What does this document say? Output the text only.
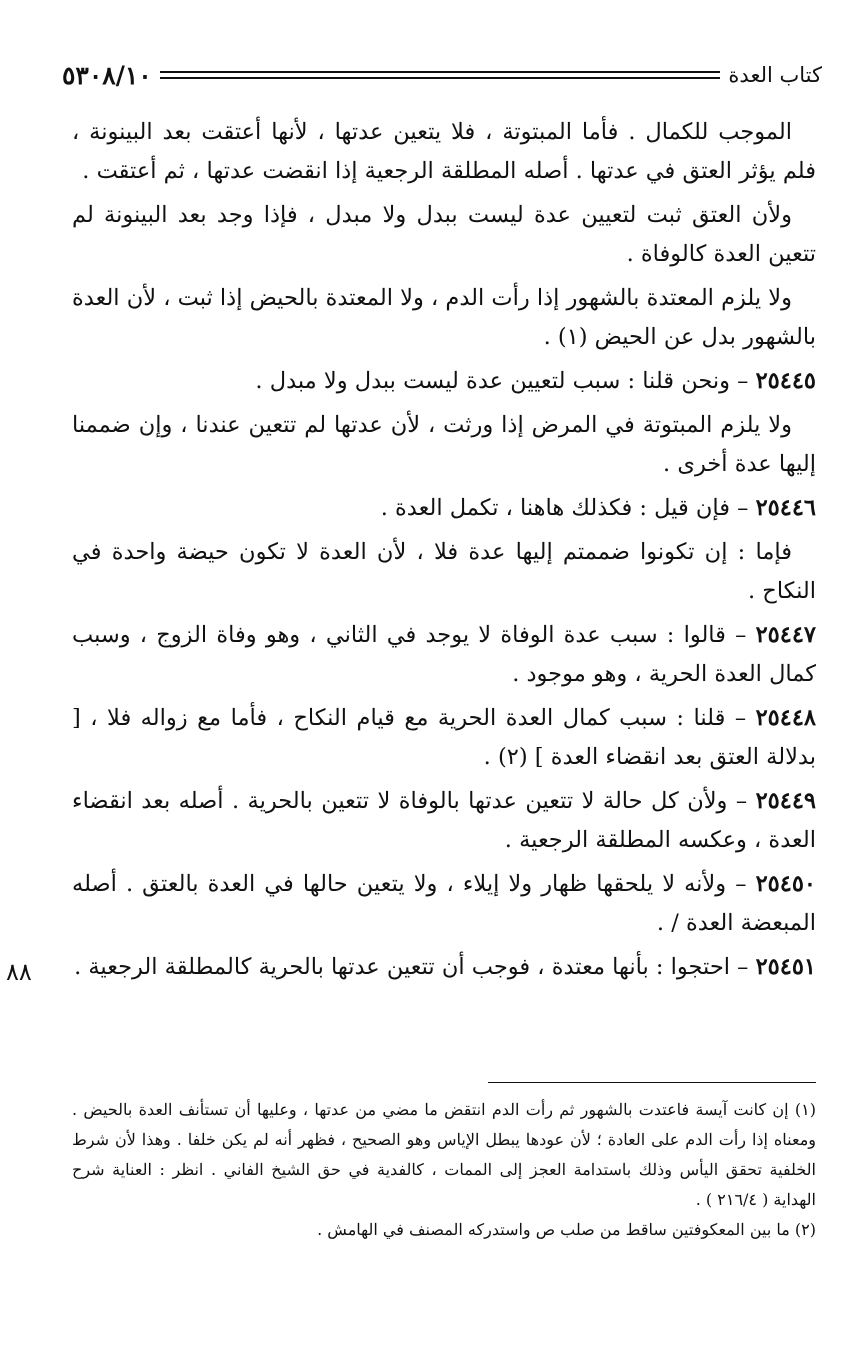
كتاب العدة
٥٣٠٨/١٠

الموجب للكمال . فأما المبتوتة ، فلا يتعين عدتها ، لأنها أعتقت بعد البينونة ، فلم يؤثر العتق في عدتها . أصله المطلقة الرجعية إذا انقضت عدتها ، ثم أعتقت .

ولأن العتق ثبت لتعيين عدة ليست ببدل ولا مبدل ، فإذا وجد بعد البينونة لم تتعين العدة كالوفاة .

ولا يلزم المعتدة بالشهور إذا رأت الدم ، ولا المعتدة بالحيض إذا ثبت ، لأن العدة بالشهور بدل عن الحيض (١) .

٢٥٤٤٥ – ونحن قلنا : سبب لتعيين عدة ليست ببدل ولا مبدل .

ولا يلزم المبتوتة في المرض إذا ورثت ، لأن عدتها لم تتعين عندنا ، وإن ضممنا إليها عدة أخرى .

٢٥٤٤٦ – فإن قيل : فكذلك هاهنا ، تكمل العدة .

فإما : إن تكونوا ضممتم إليها عدة فلا ، لأن العدة لا تكون حيضة واحدة في النكاح .

٢٥٤٤٧ – قالوا : سبب عدة الوفاة لا يوجد في الثاني ، وهو وفاة الزوج ، وسبب كمال العدة الحرية ، وهو موجود .

٢٥٤٤٨ – قلنا : سبب كمال العدة الحرية مع قيام النكاح ، فأما مع زواله فلا ، [ بدلالة العتق بعد انقضاء العدة ] (٢) .

٢٥٤٤٩ – ولأن كل حالة لا تتعين عدتها بالوفاة لا تتعين بالحرية . أصله بعد انقضاء العدة ، وعكسه المطلقة الرجعية .

٢٥٤٥٠ – ولأنه لا يلحقها ظهار ولا إيلاء ، ولا يتعين حالها في العدة بالعتق . أصله المبعضة العدة / .

٢٥٤٥١ – احتجوا : بأنها معتدة ، فوجب أن تتعين عدتها بالحرية كالمطلقة الرجعية .

٨٨

(١) إن كانت آيسة فاعتدت بالشهور ثم رأت الدم انتقض ما مضي من عدتها ، وعليها أن تستأنف العدة بالحيض . ومعناه إذا رأت الدم على العادة ؛ لأن عودها يبطل الإياس وهو الصحيح ، فظهر أنه لم يكن خلفا . وهذا لأن شرط الخلفية تحقق اليأس وذلك باستدامة العجز إلى الممات ، كالفدية في حق الشيخ الفاني . انظر : العناية شرح الهداية ( ٢١٦/٤ ) .

(٢) ما بين المعكوفتين ساقط من صلب ص واستدركه المصنف في الهامش .
